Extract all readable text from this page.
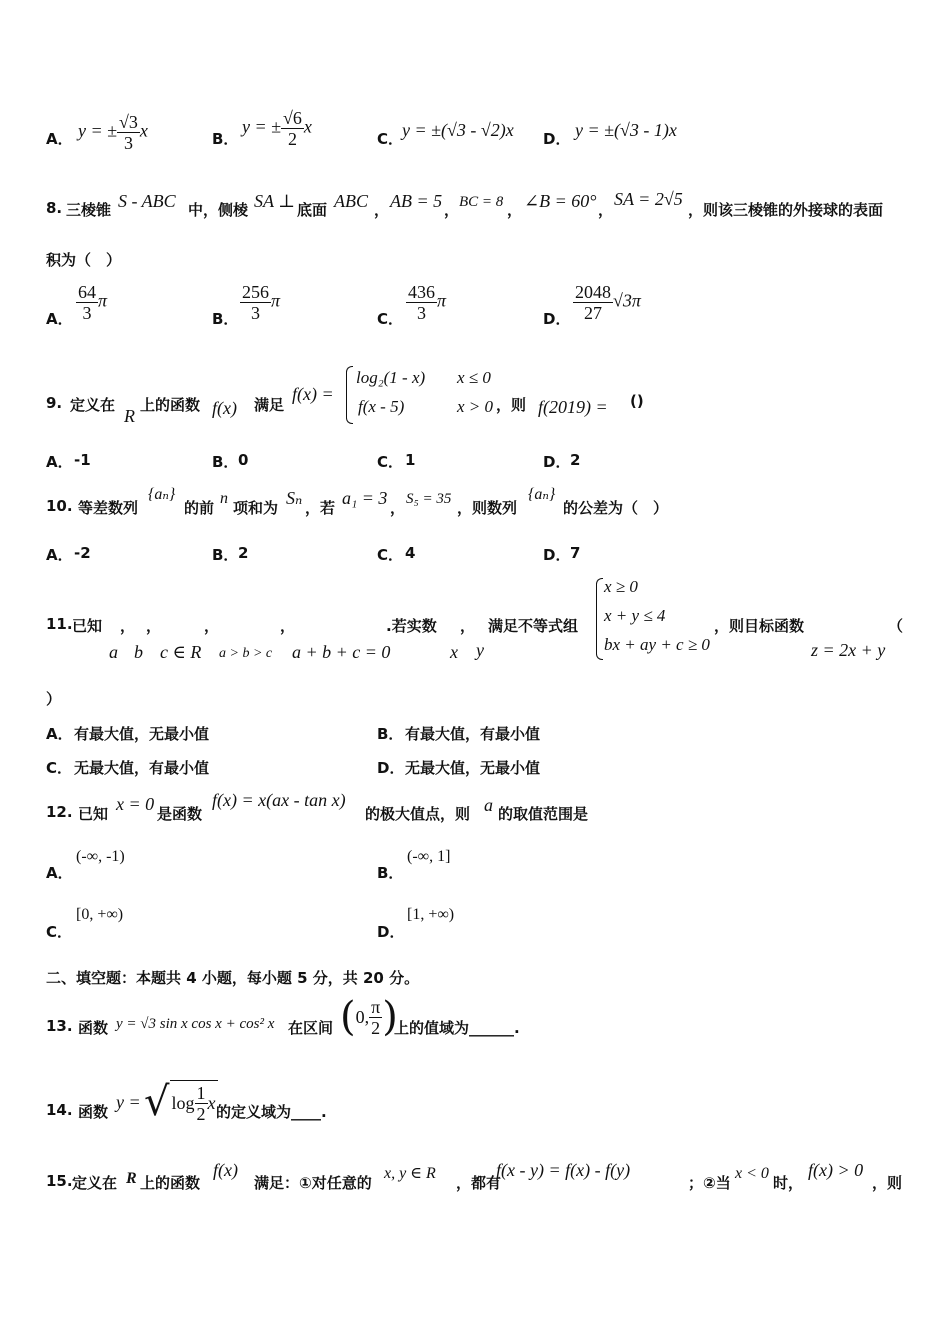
A． y = ± $\frac{√3}{3}$ x	B．
y = ± $\frac{√6}{2}$ x
C．
y = ±(√3 - √2)x D． y = ±(√3 - 1)x
8. 三棱锥 S - ABC 中，侧棱 SA ⊥ 底面 ABC ， AB = 5 ， BC = 8 ， ∠B = 60° ，
SA = 2√5
，则该三棱锥的外接球的表面
积为（　）
A． $\frac{64}{3}$ π
B． $\frac{256}{3}$ π
C． $\frac{436}{3}$ π
D． $\frac{2048}{27} √3\pi$
9. 定义在
R
上的函数 f(x) 满足
f(x) =
log₂(1 - x) x ≤ 0
f(x - 5)	x > 0 ，则 f(2019) = ()
A． -1	B． 0	C． 1	D． 2
10. 等差数列
{aₙ}
的前
n
项和为 Sₙ ，若 a₁ = 3 ， S₅ = 35 ，则数列
{aₙ}
的公差为（　）
A． -2	B． 2	C． 4	D． 7
11. 已知 ， ，	，	，	.若实数 ， 满足不等式组
a b c ∈ R a > b > c a + b + c = 0	x y
x ≥ 0
x + y ≤ 4
bx + ay + c ≥ 0
，则目标函数
z = 2x + y
（
）
A． 有最大值，无最小值	B． 有最大值，有最小值
C． 无最大值，有最小值	D． 无最大值，无最小值
12. 已知 x = 0 是函数
f(x) = x(ax - tan x)
的极大值点，则 a 的取值范围是
A．
(-∞, -1)
B．
(-∞, 1]
C．
[0, +∞)
D．
[1, +∞)
二、填空题：本题共 4 小题，每小题 5 分，共 20 分。
13. 函数 y = √3 sin x cos x + cos² x 在区间 ( 0, $\frac{\pi}{2}$ )
上的值域为______.
14. 函数 y = √ $\log \frac{1}{2}$ x 的定义域为____.
15. 定义在 R 上的函数
f(x)
满足：①对任意的
x, y ∈ R
，都有
f(x - y) = f(x) - f(y)
；②当
x < 0
时，
f(x) > 0
，则
